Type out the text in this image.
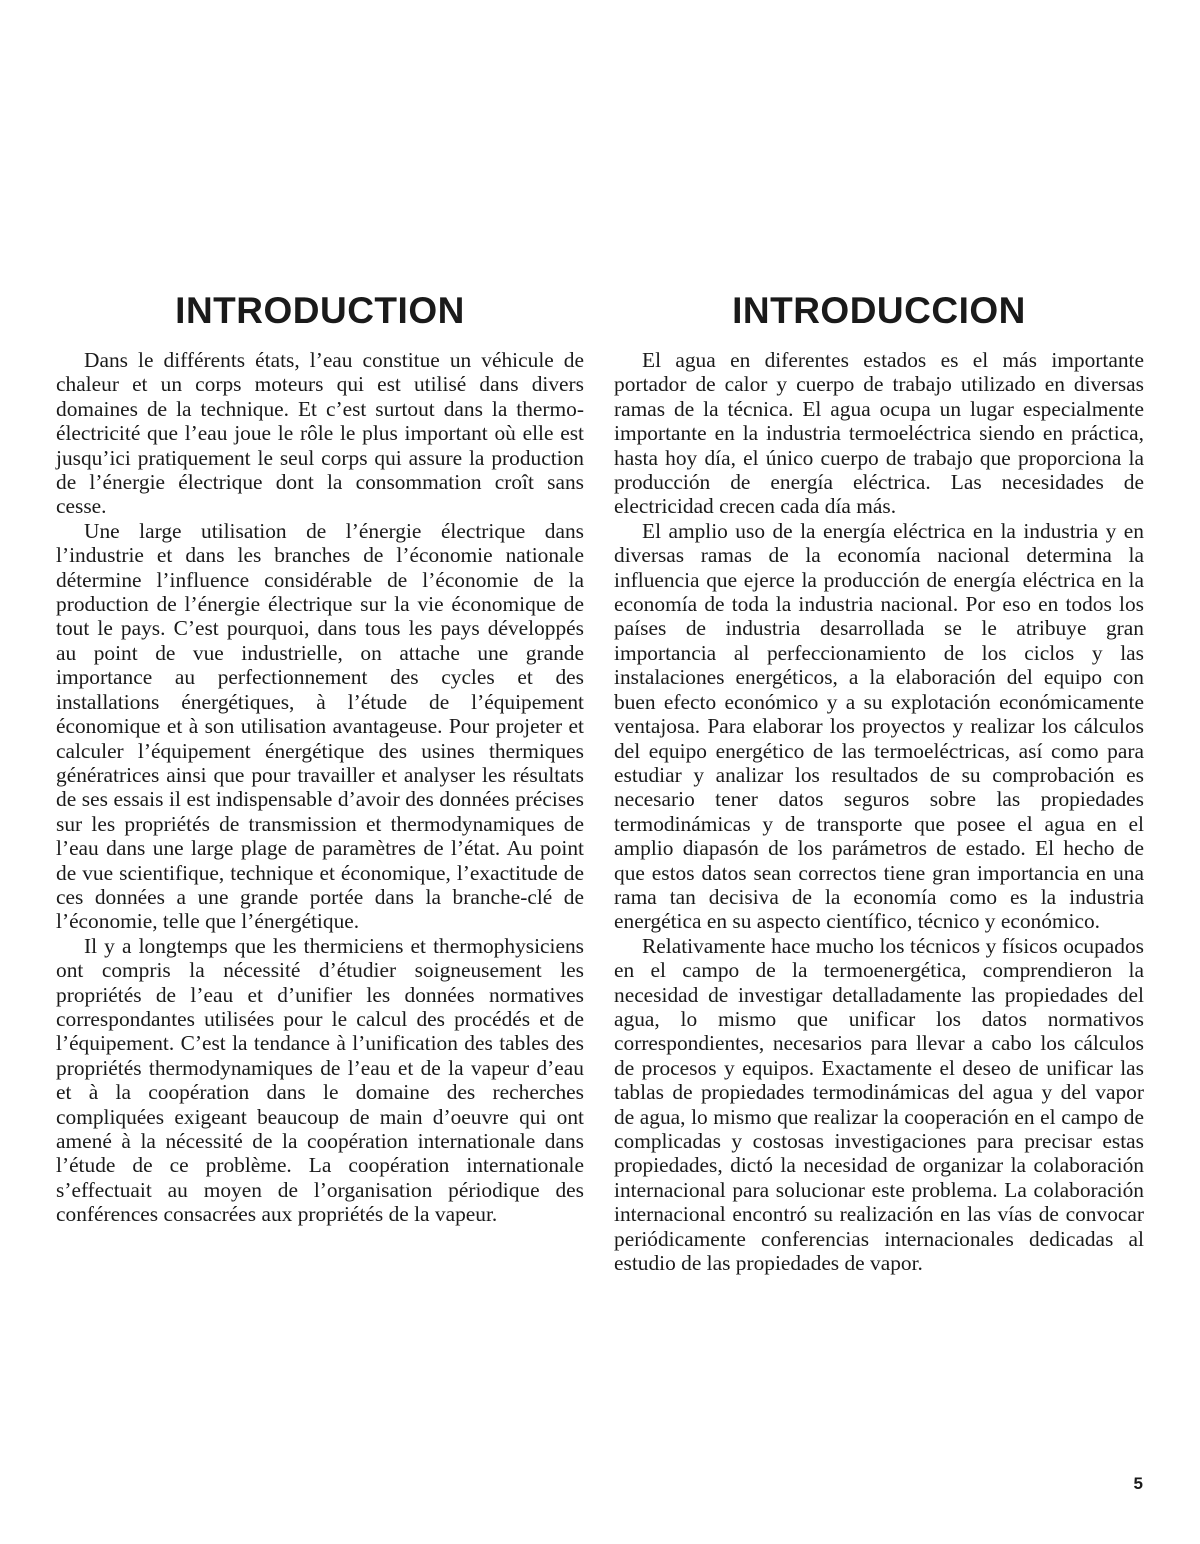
INTRODUCTION

Dans le différents états, l’eau constitue un véhicule de chaleur et un corps moteurs qui est utilisé dans divers domaines de la technique. Et c’est surtout dans la thermo-électricité que l’eau joue le rôle le plus important où elle est jusqu’ici pratiquement le seul corps qui assure la production de l’énergie électrique dont la consommation croît sans cesse.

Une large utilisation de l’énergie électrique dans l’industrie et dans les branches de l’économie nationale détermine l’influence considérable de l’économie de la production de l’énergie électrique sur la vie économique de tout le pays. C’est pourquoi, dans tous les pays développés au point de vue industrielle, on attache une grande importance au perfectionnement des cycles et des installations énergétiques, à l’étude de l’équipement économique et à son utilisation avantageuse. Pour projeter et calculer l’équipement énergétique des usines thermiques génératrices ainsi que pour travailler et analyser les résultats de ses essais il est indispensable d’avoir des données précises sur les propriétés de transmission et thermodynamiques de l’eau dans une large plage de paramètres de l’état. Au point de vue scientifique, technique et économique, l’exactitude de ces données a une grande portée dans la branche-clé de l’économie, telle que l’énergétique.

Il y a longtemps que les thermiciens et thermophysiciens ont compris la nécessité d’étudier soigneusement les propriétés de l’eau et d’unifier les données normatives correspondantes utilisées pour le calcul des procédés et de l’équipement. C’est la tendance à l’unification des tables des propriétés thermodynamiques de l’eau et de la vapeur d’eau et à la coopération dans le domaine des recherches compliquées exigeant beaucoup de main d’oeuvre qui ont amené à la nécessité de la coopération internationale dans l’étude de ce problème. La coopération internationale s’effectuait au moyen de l’organisation périodique des conférences consacrées aux propriétés de la vapeur.

INTRODUCCION

El agua en diferentes estados es el más importante portador de calor y cuerpo de trabajo utilizado en diversas ramas de la técnica. El agua ocupa un lugar especialmente importante en la industria termoeléctrica siendo en práctica, hasta hoy día, el único cuerpo de trabajo que proporciona la producción de energía eléctrica. Las necesidades de electricidad crecen cada día más.

El amplio uso de la energía eléctrica en la industria y en diversas ramas de la economía nacional determina la influencia que ejerce la producción de energía eléctrica en la economía de toda la industria nacional. Por eso en todos los países de industria desarrollada se le atribuye gran importancia al perfeccionamiento de los ciclos y las instalaciones energéticos, a la elaboración del equipo con buen efecto económico y a su explotación económicamente ventajosa. Para elaborar los proyectos y realizar los cálculos del equipo energético de las termoeléctricas, así como para estudiar y analizar los resultados de su comprobación es necesario tener datos seguros sobre las propiedades termodinámicas y de transporte que posee el agua en el amplio diapasón de los parámetros de estado. El hecho de que estos datos sean correctos tiene gran importancia en una rama tan decisiva de la economía como es la industria energética en su aspecto científico, técnico y económico.

Relativamente hace mucho los técnicos y físicos ocupados en el campo de la termoenergética, comprendieron la necesidad de investigar detalladamente las propiedades del agua, lo mismo que unificar los datos normativos correspondientes, necesarios para llevar a cabo los cálculos de procesos y equipos. Exactamente el deseo de unificar las tablas de propiedades termodinámicas del agua y del vapor de agua, lo mismo que realizar la cooperación en el campo de complicadas y costosas investigaciones para precisar estas propiedades, dictó la necesidad de organizar la colaboración internacional para solucionar este problema. La colaboración internacional encontró su realización en las vías de convocar periódicamente conferencias internacionales dedicadas al estudio de las propiedades de vapor.

5
